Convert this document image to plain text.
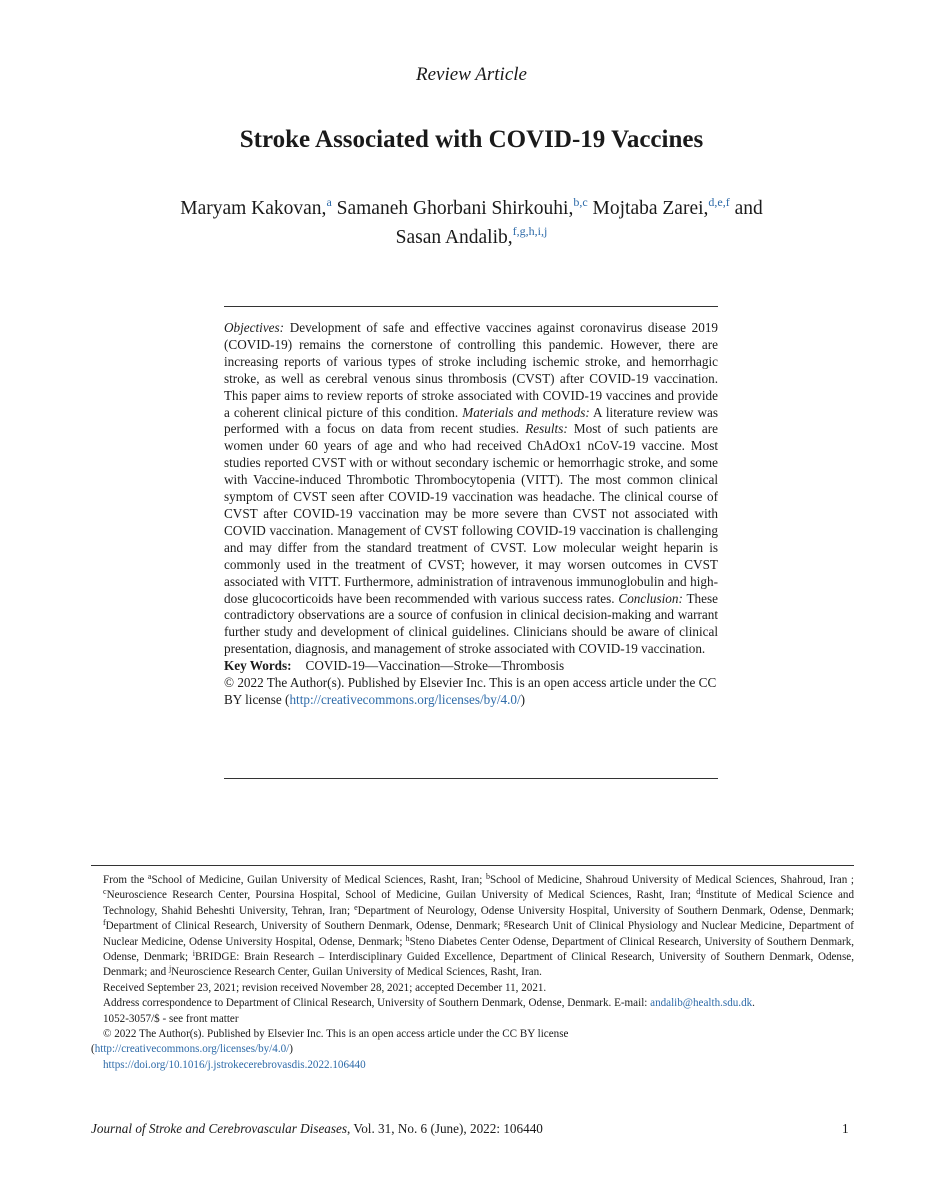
Review Article
Stroke Associated with COVID-19 Vaccines
Maryam Kakovan,$^a$ Samaneh Ghorbani Shirkouhi,$^{b,c}$ Mojtaba Zarei,$^{d,e,f}$ and
Sasan Andalib,$^{f,g,h,i,j}$
Objectives: Development of safe and effective vaccines against coronavirus disease 2019 (COVID-19) remains the cornerstone of controlling this pandemic. However, there are increasing reports of various types of stroke including ischemic stroke, and hemorrhagic stroke, as well as cerebral venous sinus thrombosis (CVST) after COVID-19 vaccination. This paper aims to review reports of stroke associated with COVID-19 vaccines and provide a coherent clinical picture of this condition. Materials and methods: A literature review was performed with a focus on data from recent studies. Results: Most of such patients are women under 60 years of age and who had received ChAdOx1 nCoV-19 vaccine. Most studies reported CVST with or without secondary ischemic or hemorrhagic stroke, and some with Vaccine-induced Thrombotic Thrombocytopenia (VITT). The most common clinical symptom of CVST seen after COVID-19 vaccination was headache. The clinical course of CVST after COVID-19 vaccination may be more severe than CVST not associated with COVID vaccination. Management of CVST following COVID-19 vaccination is challenging and may differ from the standard treatment of CVST. Low molecular weight heparin is commonly used in the treatment of CVST; however, it may worsen outcomes in CVST associated with VITT. Furthermore, administration of intravenous immunoglobulin and high-dose glucocorticoids have been recommended with various success rates. Conclusion: These contradictory observations are a source of confusion in clinical decision-making and warrant further study and development of clinical guidelines. Clinicians should be aware of clinical presentation, diagnosis, and management of stroke associated with COVID-19 vaccination.
Key Words: COVID-19—Vaccination—Stroke—Thrombosis
© 2022 The Author(s). Published by Elsevier Inc. This is an open access article under the CC BY license (http://creativecommons.org/licenses/by/4.0/)
From the $^a$School of Medicine, Guilan University of Medical Sciences, Rasht, Iran; $^b$School of Medicine, Shahroud University of Medical Sciences, Shahroud, Iran ; $^c$Neuroscience Research Center, Poursina Hospital, School of Medicine, Guilan University of Medical Sciences, Rasht, Iran; $^d$Institute of Medical Science and Technology, Shahid Beheshti University, Tehran, Iran; $^e$Department of Neurology, Odense University Hospital, University of Southern Denmark, Odense, Denmark; $^f$Department of Clinical Research, University of Southern Denmark, Odense, Denmark; $^g$Research Unit of Clinical Physiology and Nuclear Medicine, Department of Nuclear Medicine, Odense University Hospital, Odense, Denmark; $^h$Steno Diabetes Center Odense, Department of Clinical Research, University of Southern Denmark, Odense, Denmark; $^i$BRIDGE: Brain Research – Interdisciplinary Guided Excellence, Department of Clinical Research, University of Southern Denmark, Odense, Denmark; and $^j$Neuroscience Research Center, Guilan University of Medical Sciences, Rasht, Iran.
Received September 23, 2021; revision received November 28, 2021; accepted December 11, 2021.
Address correspondence to Department of Clinical Research, University of Southern Denmark, Odense, Denmark. E-mail: andalib@health.sdu.dk.
1052-3057/$ - see front matter
© 2022 The Author(s). Published by Elsevier Inc. This is an open access article under the CC BY license
(http://creativecommons.org/licenses/by/4.0/)
https://doi.org/10.1016/j.jstrokecerebrovasdis.2022.106440
Journal of Stroke and Cerebrovascular Diseases, Vol. 31, No. 6 (June), 2022: 106440	1
